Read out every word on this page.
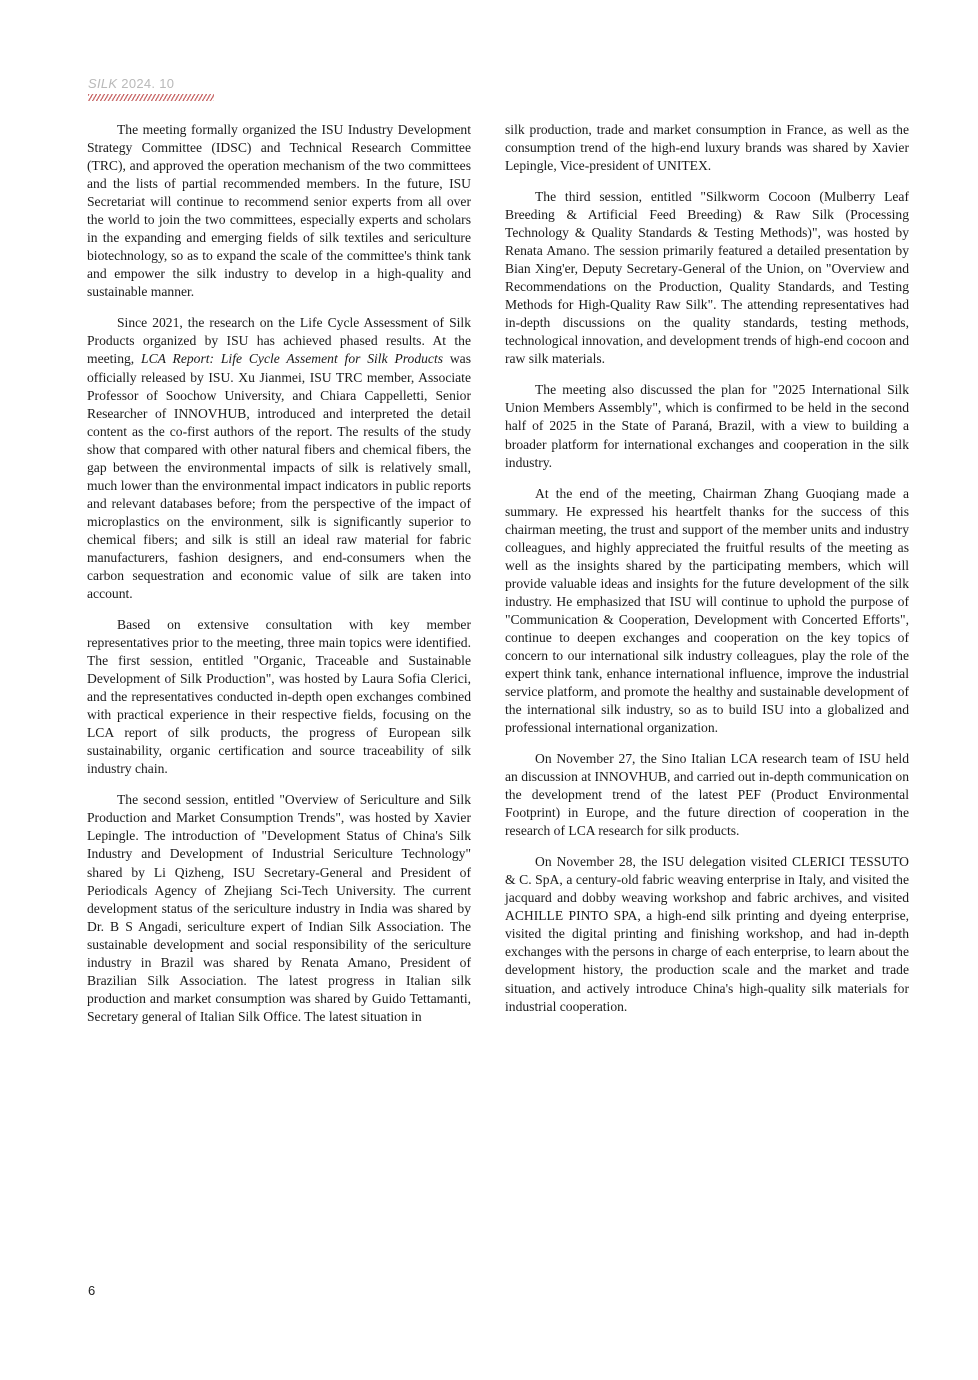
SILK 2024. 10

The meeting formally organized the ISU Industry Development Strategy Committee (IDSC) and Technical Research Committee (TRC), and approved the operation mechanism of the two committees and the lists of partial recommended members. In the future, ISU Secretariat will continue to recommend senior experts from all over the world to join the two committees, especially experts and scholars in the expanding and emerging fields of silk textiles and sericulture biotechnology, so as to expand the scale of the committee's think tank and empower the silk industry to develop in a high-quality and sustainable manner.

Since 2021, the research on the Life Cycle Assessment of Silk Products organized by ISU has achieved phased results. At the meeting, LCA Report: Life Cycle Assement for Silk Products was officially released by ISU. Xu Jianmei, ISU TRC member, Associate Professor of Soochow University, and Chiara Cappelletti, Senior Researcher of INNOVHUB, introduced and interpreted the detail content as the co-first authors of the report. The results of the study show that compared with other natural fibers and chemical fibers, the gap between the environmental impacts of silk is relatively small, much lower than the environmental impact indicators in public reports and relevant databases before; from the perspective of the impact of microplastics on the environment, silk is significantly superior to chemical fibers; and silk is still an ideal raw material for fabric manufacturers, fashion designers, and end-consumers when the carbon sequestration and economic value of silk are taken into account.

Based on extensive consultation with key member representatives prior to the meeting, three main topics were identified. The first session, entitled "Organic, Traceable and Sustainable Development of Silk Production", was hosted by Laura Sofia Clerici, and the representatives conducted in-depth open exchanges combined with practical experience in their respective fields, focusing on the LCA report of silk products, the progress of European silk sustainability, organic certification and source traceability of silk industry chain.

The second session, entitled "Overview of Sericulture and Silk Production and Market Consumption Trends", was hosted by Xavier Lepingle. The introduction of "Development Status of China's Silk Industry and Development of Industrial Sericulture Technology" shared by Li Qizheng, ISU Secretary-General and President of Periodicals Agency of Zhejiang Sci-Tech University. The current development status of the sericulture industry in India was shared by Dr. B S Angadi, sericulture expert of Indian Silk Association. The sustainable development and social responsibility of the sericulture industry in Brazil was shared by Renata Amano, President of Brazilian Silk Association. The latest progress in Italian silk production and market consumption was shared by Guido Tettamanti, Secretary general of Italian Silk Office. The latest situation in

silk production, trade and market consumption in France, as well as the consumption trend of the high-end luxury brands was shared by Xavier Lepingle, Vice-president of UNITEX.

The third session, entitled "Silkworm Cocoon (Mulberry Leaf Breeding & Artificial Feed Breeding) & Raw Silk (Processing Technology & Quality Standards & Testing Methods)", was hosted by Renata Amano. The session primarily featured a detailed presentation by Bian Xing'er, Deputy Secretary-General of the Union, on "Overview and Recommendations on the Production, Quality Standards, and Testing Methods for High-Quality Raw Silk". The attending representatives had in-depth discussions on the quality standards, testing methods, technological innovation, and development trends of high-end cocoon and raw silk materials.

The meeting also discussed the plan for "2025 International Silk Union Members Assembly", which is confirmed to be held in the second half of 2025 in the State of Paraná, Brazil, with a view to building a broader platform for international exchanges and cooperation in the silk industry.

At the end of the meeting, Chairman Zhang Guoqiang made a summary. He expressed his heartfelt thanks for the success of this chairman meeting, the trust and support of the member units and industry colleagues, and highly appreciated the fruitful results of the meeting as well as the insights shared by the participating members, which will provide valuable ideas and insights for the future development of the silk industry. He emphasized that ISU will continue to uphold the purpose of "Communication & Cooperation, Development with Concerted Efforts", continue to deepen exchanges and cooperation on the key topics of concern to our international silk industry colleagues, play the role of the expert think tank, enhance international influence, improve the industrial service platform, and promote the healthy and sustainable development of the international silk industry, so as to build ISU into a globalized and professional international organization.

On November 27, the Sino Italian LCA research team of ISU held an discussion at INNOVHUB, and carried out in-depth communication on the development trend of the latest PEF (Product Environmental Footprint) in Europe, and the future direction of cooperation in the research of LCA research for silk products.

On November 28, the ISU delegation visited CLERICI TESSUTO & C. SpA, a century-old fabric weaving enterprise in Italy, and visited the jacquard and dobby weaving workshop and fabric archives, and visited ACHILLE PINTO SPA, a high-end silk printing and dyeing enterprise, visited the digital printing and finishing workshop, and had in-depth exchanges with the persons in charge of each enterprise, to learn about the development history, the production scale and the market and trade situation, and actively introduce China's high-quality silk materials for industrial cooperation.

6
